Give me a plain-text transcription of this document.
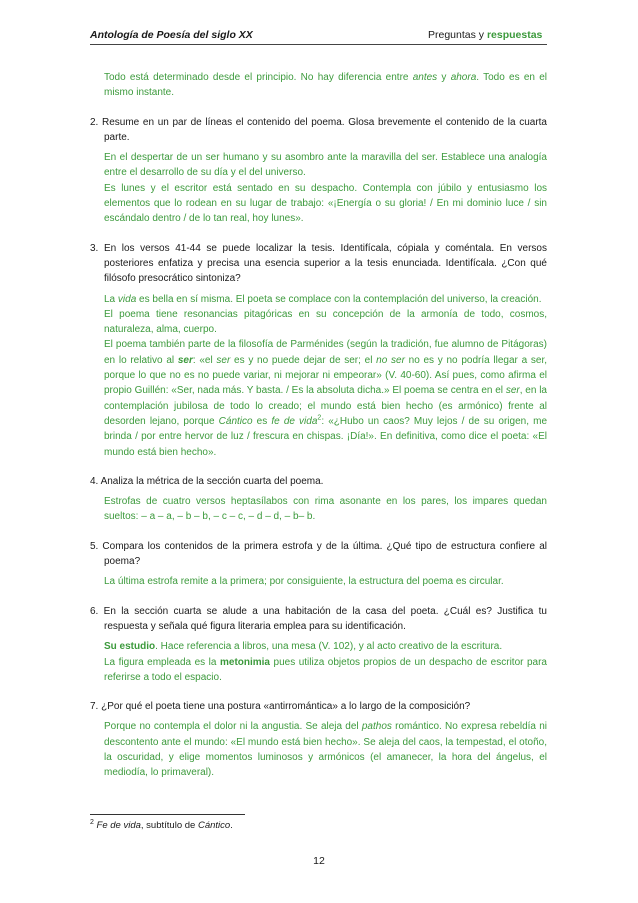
Antología de Poesía del siglo XX	Preguntas y respuestas

Todo está determinado desde el principio. No hay diferencia entre antes y ahora. Todo es en el mismo instante.

2. Resume en un par de líneas el contenido del poema. Glosa brevemente el contenido de la cuarta parte.

En el despertar de un ser humano y su asombro ante la maravilla del ser. Establece una analogía entre el desarrollo de su día y el del universo.

Es lunes y el escritor está sentado en su despacho. Contempla con júbilo y entusiasmo los elementos que lo rodean en su lugar de trabajo: «¡Energía o su gloria! / En mi dominio luce / sin escándalo dentro / de lo tan real, hoy lunes».

3. En los versos 41-44 se puede localizar la tesis. Identifícala, cópiala y coméntala. En versos posteriores enfatiza y precisa una esencia superior a la tesis enunciada. Identifícala. ¿Con qué filósofo presocrático sintoniza?

La vida es bella en sí misma. El poeta se complace con la contemplación del universo, la creación.

El poema tiene resonancias pitagóricas en su concepción de la armonía de todo, cosmos, naturaleza, alma, cuerpo.

El poema también parte de la filosofía de Parménides (según la tradición, fue alumno de Pitágoras) en lo relativo al ser: «el ser es y no puede dejar de ser; el no ser no es y no podría llegar a ser, porque lo que no es no puede variar, ni mejorar ni empeorar» (V. 40-60). Así pues, como afirma el propio Guillén: «Ser, nada más. Y basta. / Es la absoluta dicha.» El poema se centra en el ser, en la contemplación jubilosa de todo lo creado; el mundo está bien hecho (es armónico) frente al desorden lejano, porque Cántico es fe de vida$^2$: «¿Hubo un caos? Muy lejos / de su origen, me brinda / por entre hervor de luz / frescura en chispas. ¡Día!». En definitiva, como dice el poeta: «El mundo está bien hecho».

4. Analiza la métrica de la sección cuarta del poema.

Estrofas de cuatro versos heptasílabos con rima asonante en los pares, los impares quedan sueltos: – a – a, – b – b, – c – c, – d – d, – b– b.

5. Compara los contenidos de la primera estrofa y de la última. ¿Qué tipo de estructura confiere al poema?

La última estrofa remite a la primera; por consiguiente, la estructura del poema es circular.

6. En la sección cuarta se alude a una habitación de la casa del poeta. ¿Cuál es? Justifica tu respuesta y señala qué figura literaria emplea para su identificación.

Su estudio. Hace referencia a libros, una mesa (V. 102), y al acto creativo de la escritura.

La figura empleada es la metonimia pues utiliza objetos propios de un despacho de escritor para referirse a todo el espacio.

7. ¿Por qué el poeta tiene una postura «antirromántica» a lo largo de la composición?

Porque no contempla el dolor ni la angustia. Se aleja del pathos romántico. No expresa rebeldía ni descontento ante el mundo: «El mundo está bien hecho». Se aleja del caos, la tempestad, el otoño, la oscuridad, y elige momentos luminosos y armónicos (el amanecer, la hora del ángelus, el mediodía, lo primaveral).

$^2$ Fe de vida, subtítulo de Cántico.
12
